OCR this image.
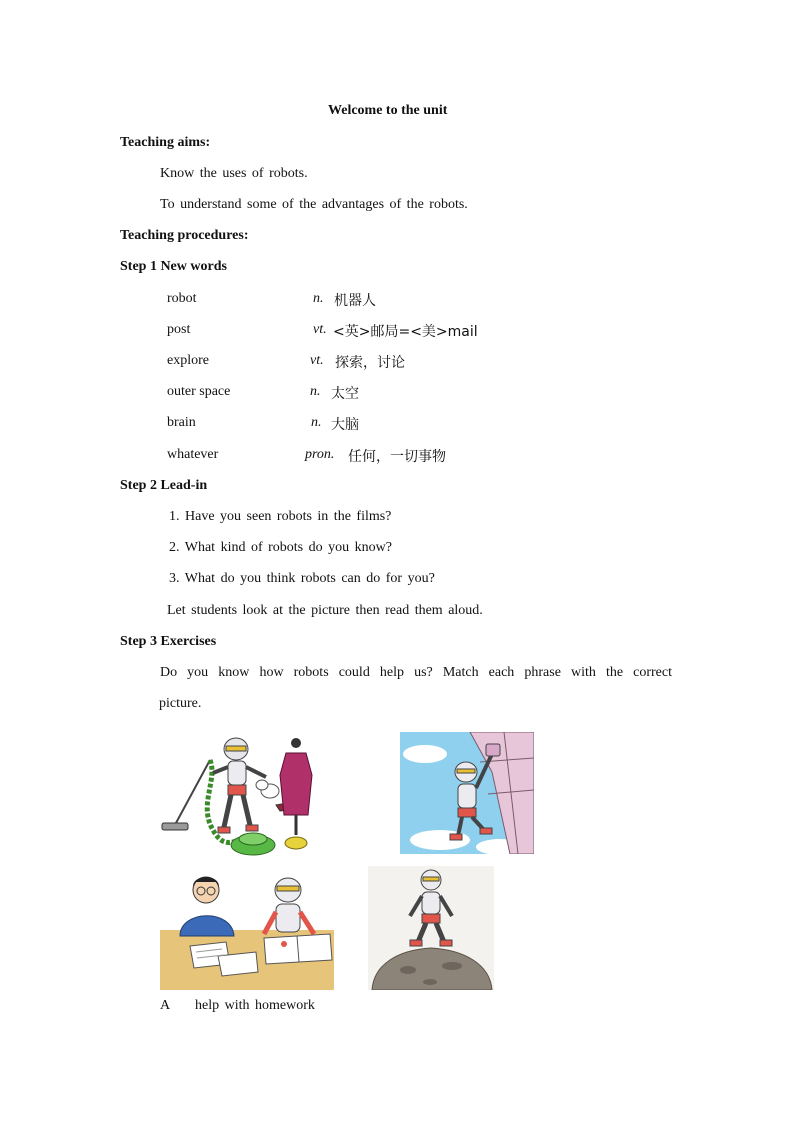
Welcome to the unit
Teaching aims:
Know the uses of robots.
To understand some of the advantages of the robots.
Teaching procedures:
Step 1 New words
robot	n. 机器人
post	vt. <英>邮局=<美>mail
explore	vt. 探索，讨论
outer space	n. 太空
brain	n. 大脑
whatever	pron. 任何，一切事物
Step 2 Lead-in
1. Have you seen robots in the films?
2. What kind of robots do you know?
3. What do you think robots can do for you?
Let students look at the picture then read them aloud.
Step 3 Exercises
Do you know how robots could help us? Match each phrase with the correct
picture.
A help with homework
